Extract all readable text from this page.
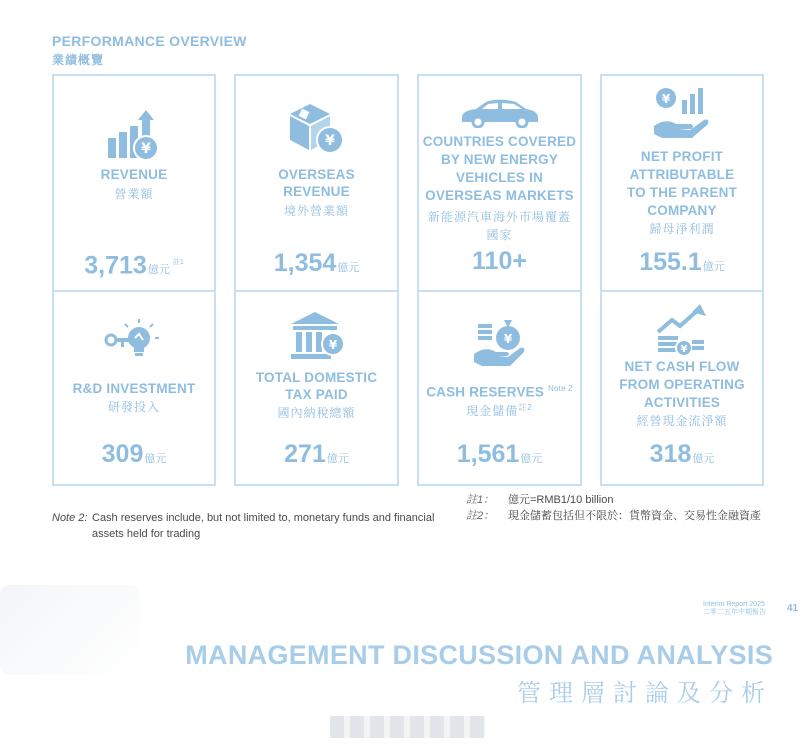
PERFORMANCE OVERVIEW
業績概覽
¥
REVENUE
營業額
3,713億元$^{註1}$
¥
OVERSEAS
REVENUE
境外營業額
1,354億元
COUNTRIES COVERED
BY NEW ENERGY
VEHICLES IN
OVERSEAS MARKETS
新能源汽車海外市場覆蓋
國家
110+
¥
NET PROFIT
ATTRIBUTABLE
TO THE PARENT
COMPANY
歸母淨利潤
155.1億元
R&D INVESTMENT
研發投入
309億元
¥
TOTAL DOMESTIC
TAX PAID
國內納稅總額
271億元
¥
CASH RESERVES $^{Note 2}$
現金儲備$^{註2}$
1,561億元
¥
NET CASH FLOW
FROM OPERATING
ACTIVITIES
經營現金流淨額
318億元
Note 2: Cash reserves include, but not limited to, monetary funds and financial assets held for trading
註1：	億元=RMB1/10 billion
註2：	現金儲蓄包括但不限於：貨幣資金、交易性金融資產
Interim Report 2025
二零二五年中期報告 41
MANAGEMENT DISCUSSION AND ANALYSIS
管理層討論及分析
